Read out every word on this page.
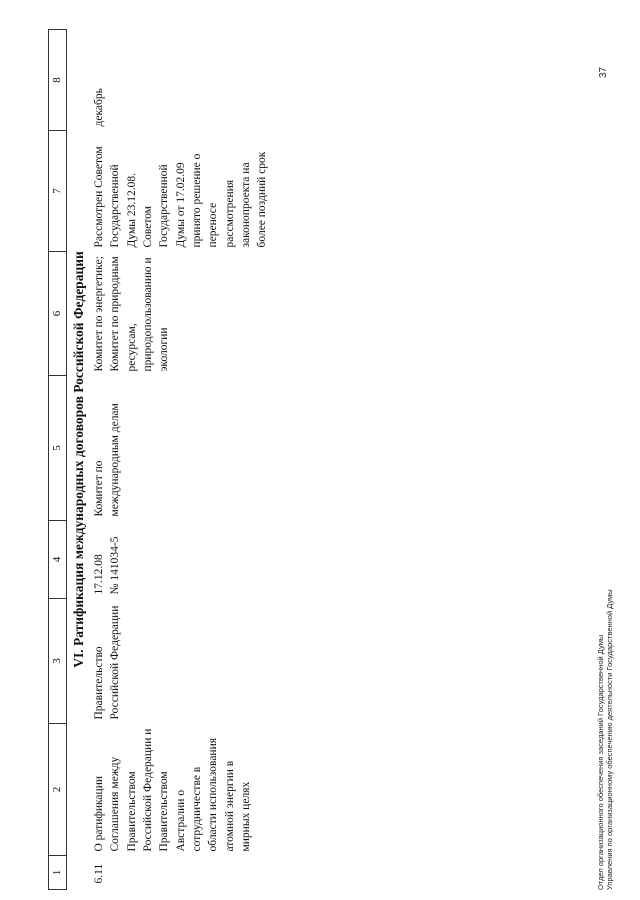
1	2	3	4	5	6	7	8
VI. Ратификация международных договоров Российской Федерации							
6.11	О ратификации Соглашения между Правительством Российской Федерации и Правительством Австралии о сотрудничестве в области использования атомной энергии в мирных целях	Правительство Российской Федерации	17.12.08 № 141034-5	Комитет по международным делам	Комитет по энергетике; Комитет по природным ресурсам, природопользованию и экологии	Рассмотрен Советом Государственной Думы 23.12.08. Советом Государственной Думы от 17.02.09 принято решение о переносе рассмотрения законопроекта на более поздний срок	декабрь
Отдел организационного обеспечения заседаний Государственной Думы Управления по организационному обеспечению деятельности Государственной Думы
37
